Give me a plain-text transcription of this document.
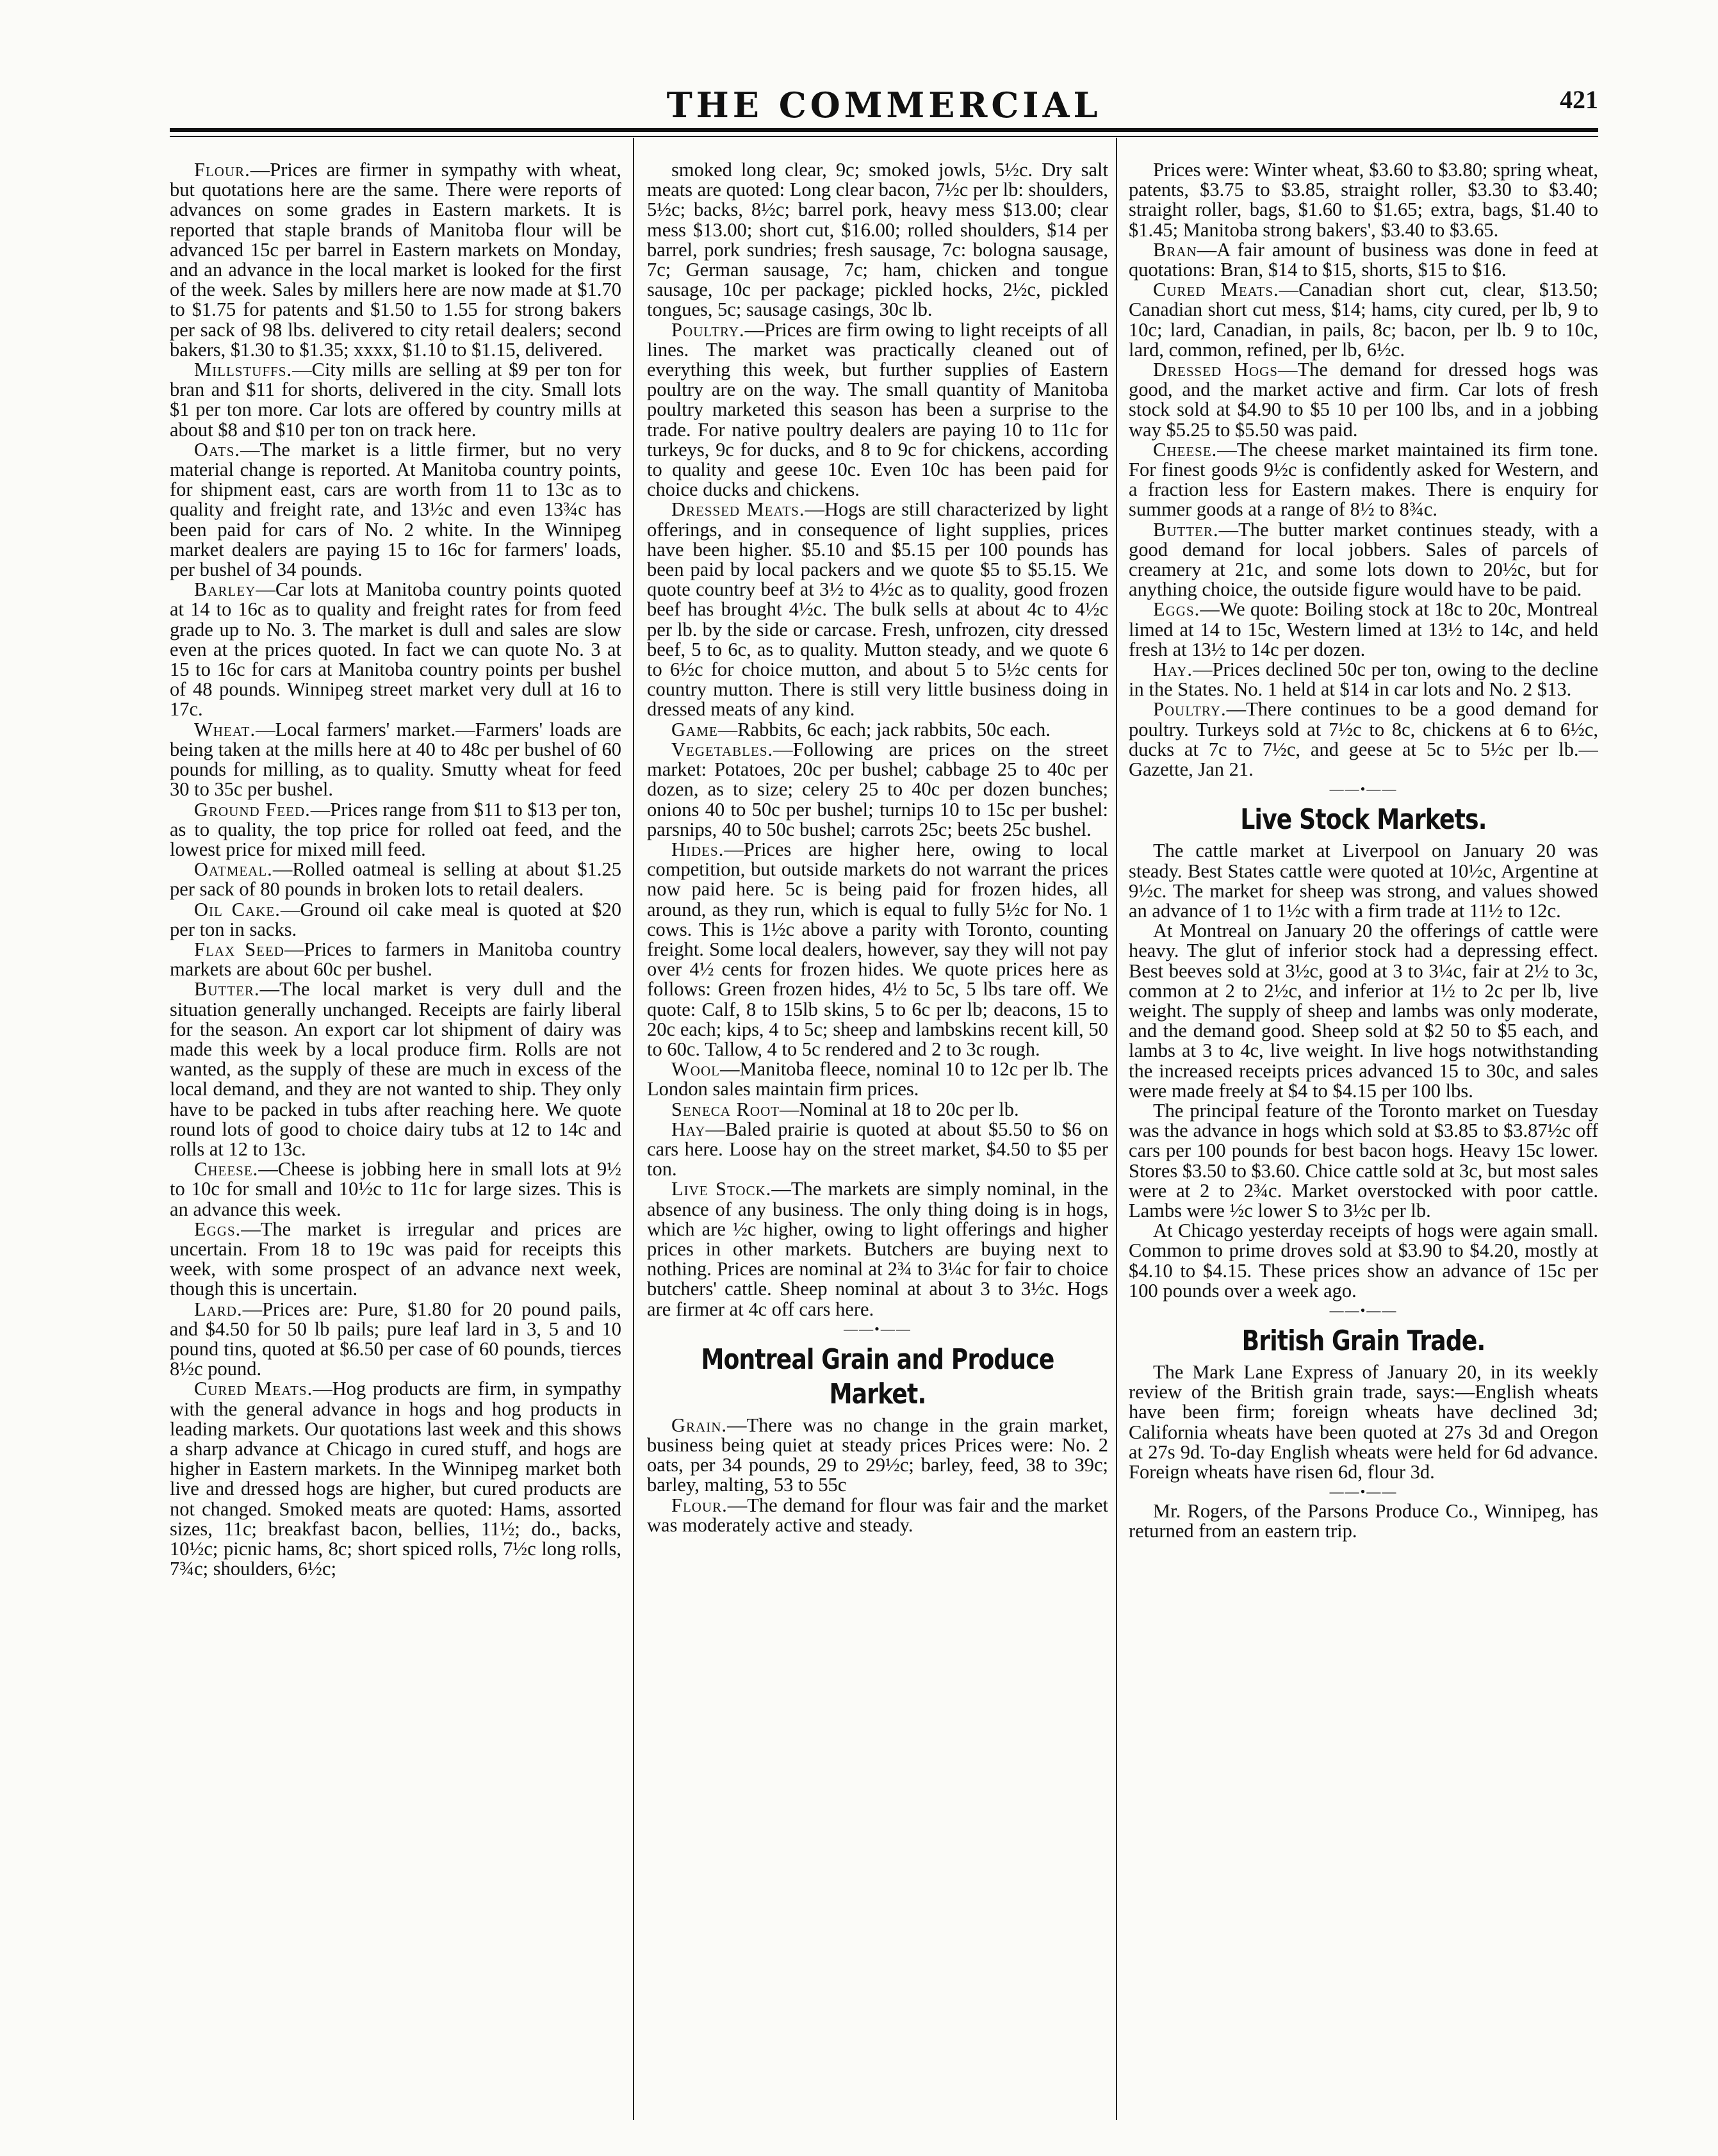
THE COMMERCIAL	421

Flour.—Prices are firmer in sympathy with wheat, but quotations here are the same. There were reports of advances on some grades in Eastern markets. It is reported that staple brands of Manitoba flour will be advanced 15c per barrel in Eastern markets on Monday, and an advance in the local market is looked for the first of the week. Sales by millers here are now made at $1.70 to $1.75 for patents and $1.50 to 1.55 for strong bakers per sack of 98 lbs. delivered to city retail dealers; second bakers, $1.30 to $1.35; xxxx, $1.10 to $1.15, delivered.

Millstuffs.—City mills are selling at $9 per ton for bran and $11 for shorts, delivered in the city. Small lots $1 per ton more. Car lots are offered by country mills at about $8 and $10 per ton on track here.

Oats.—The market is a little firmer, but no very material change is reported. At Manitoba country points, for shipment east, cars are worth from 11 to 13c as to quality and freight rate, and 13½c and even 13¾c has been paid for cars of No. 2 white. In the Winnipeg market dealers are paying 15 to 16c for farmers' loads, per bushel of 34 pounds.

Barley—Car lots at Manitoba country points quoted at 14 to 16c as to quality and freight rates for from feed grade up to No. 3. The market is dull and sales are slow even at the prices quoted. In fact we can quote No. 3 at 15 to 16c for cars at Manitoba country points per bushel of 48 pounds. Winnipeg street market very dull at 16 to 17c.

Wheat.—Local farmers' market.—Farmers' loads are being taken at the mills here at 40 to 48c per bushel of 60 pounds for milling, as to quality. Smutty wheat for feed 30 to 35c per bushel.

Ground Feed.—Prices range from $11 to $13 per ton, as to quality, the top price for rolled oat feed, and the lowest price for mixed mill feed.

Oatmeal.—Rolled oatmeal is selling at about $1.25 per sack of 80 pounds in broken lots to retail dealers.

Oil Cake.—Ground oil cake meal is quoted at $20 per ton in sacks.

Flax Seed—Prices to farmers in Manitoba country markets are about 60c per bushel.

Butter.—The local market is very dull and the situation generally unchanged. Receipts are fairly liberal for the season. An export car lot shipment of dairy was made this week by a local produce firm. Rolls are not wanted, as the supply of these are much in excess of the local demand, and they are not wanted to ship. They only have to be packed in tubs after reaching here. We quote round lots of good to choice dairy tubs at 12 to 14c and rolls at 12 to 13c.

Cheese.—Cheese is jobbing here in small lots at 9½ to 10c for small and 10½c to 11c for large sizes. This is an advance this week.

Eggs.—The market is irregular and prices are uncertain. From 18 to 19c was paid for receipts this week, with some prospect of an advance next week, though this is uncertain.

Lard.—Prices are: Pure, $1.80 for 20 pound pails, and $4.50 for 50 lb pails; pure leaf lard in 3, 5 and 10 pound tins, quoted at $6.50 per case of 60 pounds, tierces 8½c pound.

Cured Meats.—Hog products are firm, in sympathy with the general advance in hogs and hog products in leading markets. Our quotations last week and this shows a sharp advance at Chicago in cured stuff, and hogs are higher in Eastern markets. In the Winnipeg market both live and dressed hogs are higher, but cured products are not changed. Smoked meats are quoted: Hams, assorted sizes, 11c; breakfast bacon, bellies, 11½; do., backs, 10½c; picnic hams, 8c; short spiced rolls, 7½c long rolls, 7¾c; shoulders, 6½c;

smoked long clear, 9c; smoked jowls, 5½c. Dry salt meats are quoted: Long clear bacon, 7½c per lb: shoulders, 5½c; backs, 8½c; barrel pork, heavy mess $13.00; clear mess $13.00; short cut, $16.00; rolled shoulders, $14 per barrel, pork sundries; fresh sausage, 7c: bologna sausage, 7c; German sausage, 7c; ham, chicken and tongue sausage, 10c per package; pickled hocks, 2½c, pickled tongues, 5c; sausage casings, 30c lb.

Poultry.—Prices are firm owing to light receipts of all lines. The market was practically cleaned out of everything this week, but further supplies of Eastern poultry are on the way. The small quantity of Manitoba poultry marketed this season has been a surprise to the trade. For native poultry dealers are paying 10 to 11c for turkeys, 9c for ducks, and 8 to 9c for chickens, according to quality and geese 10c. Even 10c has been paid for choice ducks and chickens.

Dressed Meats.—Hogs are still characterized by light offerings, and in consequence of light supplies, prices have been higher. $5.10 and $5.15 per 100 pounds has been paid by local packers and we quote $5 to $5.15. We quote country beef at 3½ to 4½c as to quality, good frozen beef has brought 4½c. The bulk sells at about 4c to 4½c per lb. by the side or carcase. Fresh, unfrozen, city dressed beef, 5 to 6c, as to quality. Mutton steady, and we quote 6 to 6½c for choice mutton, and about 5 to 5½c cents for country mutton. There is still very little business doing in dressed meats of any kind.

Game—Rabbits, 6c each; jack rabbits, 50c each.

Vegetables.—Following are prices on the street market: Potatoes, 20c per bushel; cabbage 25 to 40c per dozen, as to size; celery 25 to 40c per dozen bunches; onions 40 to 50c per bushel; turnips 10 to 15c per bushel: parsnips, 40 to 50c bushel; carrots 25c; beets 25c bushel.

Hides.—Prices are higher here, owing to local competition, but outside markets do not warrant the prices now paid here. 5c is being paid for frozen hides, all around, as they run, which is equal to fully 5½c for No. 1 cows. This is 1½c above a parity with Toronto, counting freight. Some local dealers, however, say they will not pay over 4½ cents for frozen hides. We quote prices here as follows: Green frozen hides, 4½ to 5c, 5 lbs tare off. We quote: Calf, 8 to 15lb skins, 5 to 6c per lb; deacons, 15 to 20c each; kips, 4 to 5c; sheep and lambskins recent kill, 50 to 60c. Tallow, 4 to 5c rendered and 2 to 3c rough.

Wool—Manitoba fleece, nominal 10 to 12c per lb. The London sales maintain firm prices.

Seneca Root—Nominal at 18 to 20c per lb.

Hay—Baled prairie is quoted at about $5.50 to $6 on cars here. Loose hay on the street market, $4.50 to $5 per ton.

Live Stock.—The markets are simply nominal, in the absence of any business. The only thing doing is in hogs, which are ½c higher, owing to light offerings and higher prices in other markets. Butchers are buying next to nothing. Prices are nominal at 2¾ to 3¼c for fair to choice butchers' cattle. Sheep nominal at about 3 to 3½c. Hogs are firmer at 4c off cars here.

——•——
Montreal Grain and Produce Market.

Grain.—There was no change in the grain market, business being quiet at steady prices Prices were: No. 2 oats, per 34 pounds, 29 to 29½c; barley, feed, 38 to 39c; barley, malting, 53 to 55c

Flour.—The demand for flour was fair and the market was moderately active and steady.

Prices were: Winter wheat, $3.60 to $3.80; spring wheat, patents, $3.75 to $3.85, straight roller, $3.30 to $3.40; straight roller, bags, $1.60 to $1.65; extra, bags, $1.40 to $1.45; Manitoba strong bakers', $3.40 to $3.65.

Bran—A fair amount of business was done in feed at quotations: Bran, $14 to $15, shorts, $15 to $16.

Cured Meats.—Canadian short cut, clear, $13.50; Canadian short cut mess, $14; hams, city cured, per lb, 9 to 10c; lard, Canadian, in pails, 8c; bacon, per lb. 9 to 10c, lard, common, refined, per lb, 6½c.

Dressed Hogs—The demand for dressed hogs was good, and the market active and firm. Car lots of fresh stock sold at $4.90 to $5 10 per 100 lbs, and in a jobbing way $5.25 to $5.50 was paid.

Cheese.—The cheese market maintained its firm tone. For finest goods 9½c is confidently asked for Western, and a fraction less for Eastern makes. There is enquiry for summer goods at a range of 8½ to 8¾c.

Butter.—The butter market continues steady, with a good demand for local jobbers. Sales of parcels of creamery at 21c, and some lots down to 20½c, but for anything choice, the outside figure would have to be paid.

Eggs.—We quote: Boiling stock at 18c to 20c, Montreal limed at 14 to 15c, Western limed at 13½ to 14c, and held fresh at 13½ to 14c per dozen.

Hay.—Prices declined 50c per ton, owing to the decline in the States. No. 1 held at $14 in car lots and No. 2 $13.

Poultry.—There continues to be a good demand for poultry. Turkeys sold at 7½c to 8c, chickens at 6 to 6½c, ducks at 7c to 7½c, and geese at 5c to 5½c per lb.—Gazette, Jan 21.

——•——
Live Stock Markets.

The cattle market at Liverpool on January 20 was steady. Best States cattle were quoted at 10½c, Argentine at 9½c. The market for sheep was strong, and values showed an advance of 1 to 1½c with a firm trade at 11½ to 12c.

At Montreal on January 20 the offerings of cattle were heavy. The glut of inferior stock had a depressing effect. Best beeves sold at 3½c, good at 3 to 3¼c, fair at 2½ to 3c, common at 2 to 2½c, and inferior at 1½ to 2c per lb, live weight. The supply of sheep and lambs was only moderate, and the demand good. Sheep sold at $2 50 to $5 each, and lambs at 3 to 4c, live weight. In live hogs notwithstanding the increased receipts prices advanced 15 to 30c, and sales were made freely at $4 to $4.15 per 100 lbs.

The principal feature of the Toronto market on Tuesday was the advance in hogs which sold at $3.85 to $3.87½c off cars per 100 pounds for best bacon hogs. Heavy 15c lower. Stores $3.50 to $3.60. Chice cattle sold at 3c, but most sales were at 2 to 2¾c. Market overstocked with poor cattle. Lambs were ½c lower S to 3½c per lb.

At Chicago yesterday receipts of hogs were again small. Common to prime droves sold at $3.90 to $4.20, mostly at $4.10 to $4.15. These prices show an advance of 15c per 100 pounds over a week ago.

——•——
British Grain Trade.

The Mark Lane Express of January 20, in its weekly review of the British grain trade, says:—English wheats have been firm; foreign wheats have declined 3d; California wheats have been quoted at 27s 3d and Oregon at 27s 9d. To-day English wheats were held for 6d advance. Foreign wheats have risen 6d, flour 3d.

——•——

Mr. Rogers, of the Parsons Produce Co., Winnipeg, has returned from an eastern trip.
